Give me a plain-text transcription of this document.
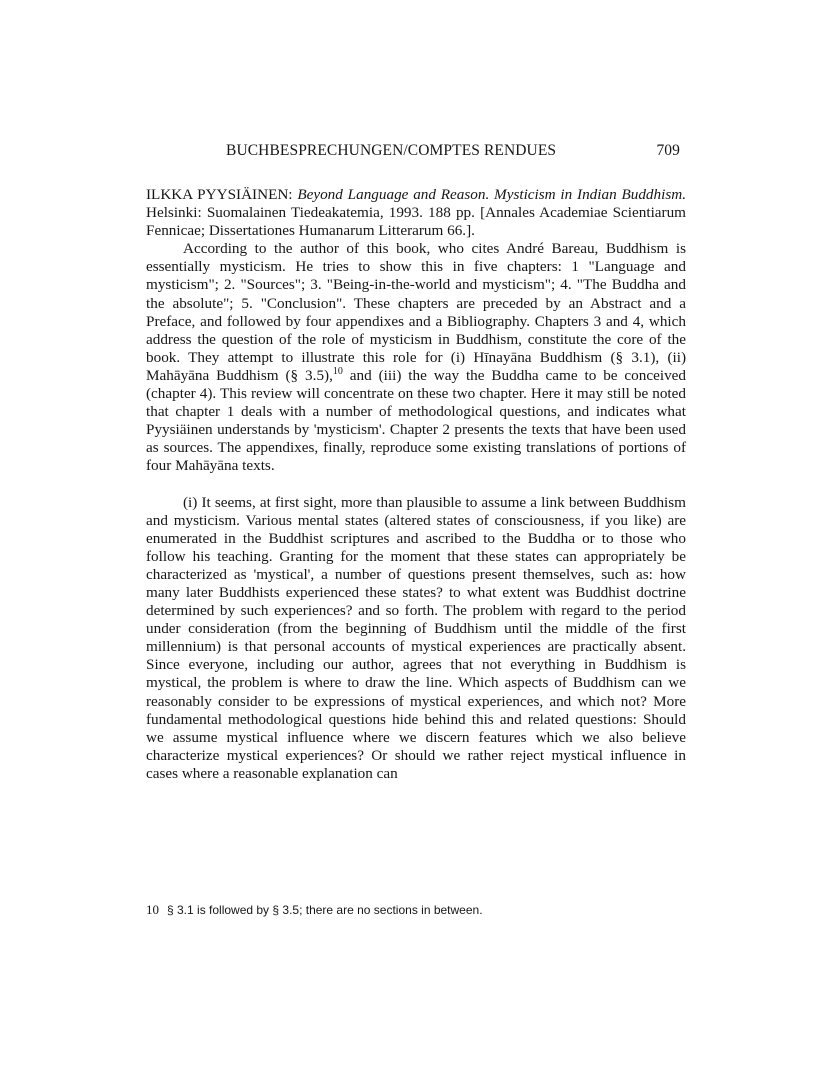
BUCHBESPRECHUNGEN/COMPTES RENDUES	709

ILKKA PYYSIÄINEN: Beyond Language and Reason. Mysticism in Indian Buddhism. Helsinki: Suomalainen Tiedeakatemia, 1993. 188 pp. [Annales Academiae Scientiarum Fennicae; Dissertationes Humanarum Litterarum 66.].

According to the author of this book, who cites André Bareau, Buddhism is essentially mysticism. He tries to show this in five chapters: 1 "Language and mysticism"; 2. "Sources"; 3. "Being-in-the-world and mysticism"; 4. "The Buddha and the absolute"; 5. "Conclusion". These chapters are preceded by an Abstract and a Preface, and followed by four appendixes and a Bibliography. Chapters 3 and 4, which address the question of the role of mysticism in Buddhism, constitute the core of the book. They attempt to illustrate this role for (i) Hīnayāna Buddhism (§ 3.1), (ii) Mahāyāna Buddhism (§ 3.5),$^{10}$ and (iii) the way the Buddha came to be conceived (chapter 4). This review will concentrate on these two chapter. Here it may still be noted that chapter 1 deals with a number of methodological questions, and indicates what Pyysiäinen understands by 'mysticism'. Chapter 2 presents the texts that have been used as sources. The appendixes, finally, reproduce some existing translations of portions of four Mahāyāna texts.

(i) It seems, at first sight, more than plausible to assume a link between Buddhism and mysticism. Various mental states (altered states of consciousness, if you like) are enumerated in the Buddhist scriptures and ascribed to the Buddha or to those who follow his teaching. Granting for the moment that these states can appropriately be characterized as 'mystical', a number of questions present themselves, such as: how many later Buddhists experienced these states? to what extent was Buddhist doctrine determined by such experiences? and so forth. The problem with regard to the period under consideration (from the beginning of Buddhism until the middle of the first millennium) is that personal accounts of mystical experiences are practically absent. Since everyone, including our author, agrees that not everything in Buddhism is mystical, the problem is where to draw the line. Which aspects of Buddhism can we reasonably consider to be expressions of mystical experiences, and which not? More fundamental methodological questions hide behind this and related questions: Should we assume mystical influence where we discern features which we also believe characterize mystical experiences? Or should we rather reject mystical influence in cases where a reasonable explanation can

10 § 3.1 is followed by § 3.5; there are no sections in between.
